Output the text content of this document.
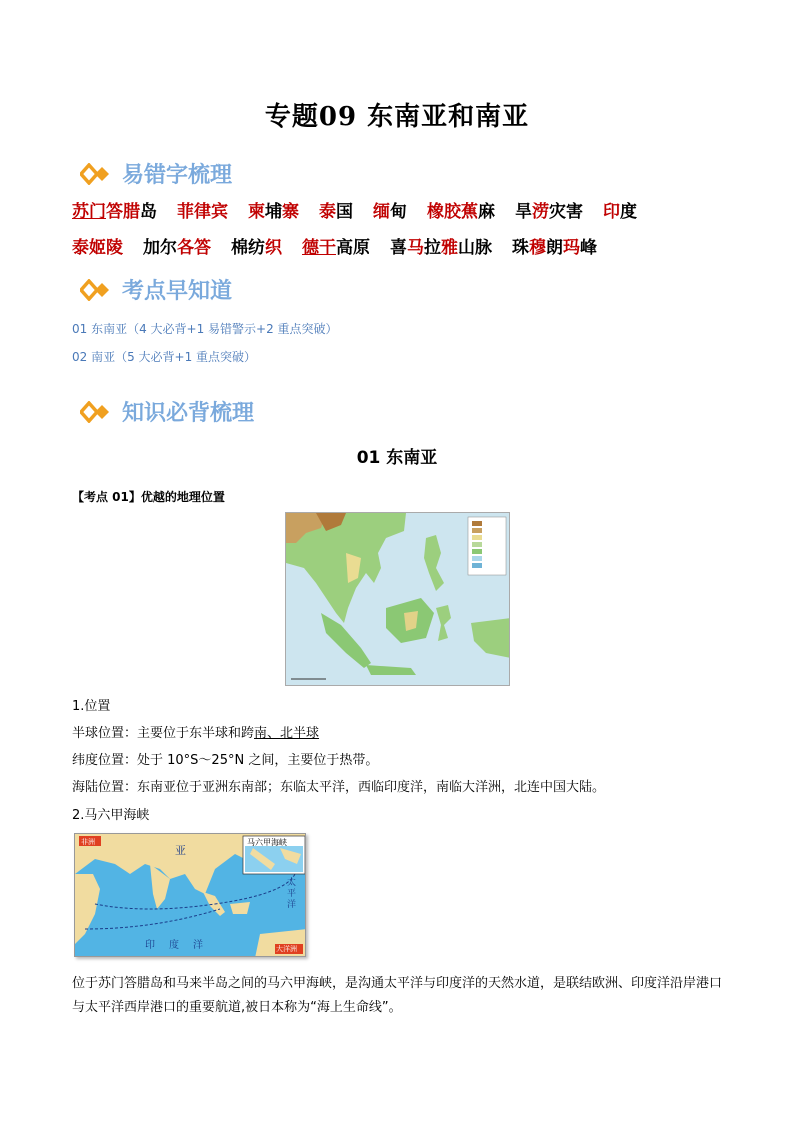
专题09 东南亚和南亚
易错字梳理
苏门答腊岛 菲律宾 柬埔寨 泰国 缅甸 橡胶蕉麻 旱涝灾害 印度
泰姬陵 加尔各答 棉纺织 德干高原 喜马拉雅山脉 珠穆朗玛峰
考点早知道
01 东南亚（4 大必背+1 易错警示+2 重点突破）
02 南亚（5 大必背+1 重点突破）
知识必背梳理
01 东南亚
【考点 01】优越的地理位置
1.位置
半球位置：主要位于东半球和跨南、北半球
纬度位置：处于 10°S～25°N 之间，主要位于热带。
海陆位置：东南亚位于亚洲东南部；东临太平洋，西临印度洋，南临大洋洲，北连中国大陆。
2.马六甲海峡
马六甲海峡
亚
太平洋
印度洋	大洋洲
非洲
位于苏门答腊岛和马来半岛之间的马六甲海峡，是沟通太平洋与印度洋的天然水道，是联结欧洲、印度洋沿岸港口与太平洋西岸港口的重要航道,被日本称为“海上生命线”。
